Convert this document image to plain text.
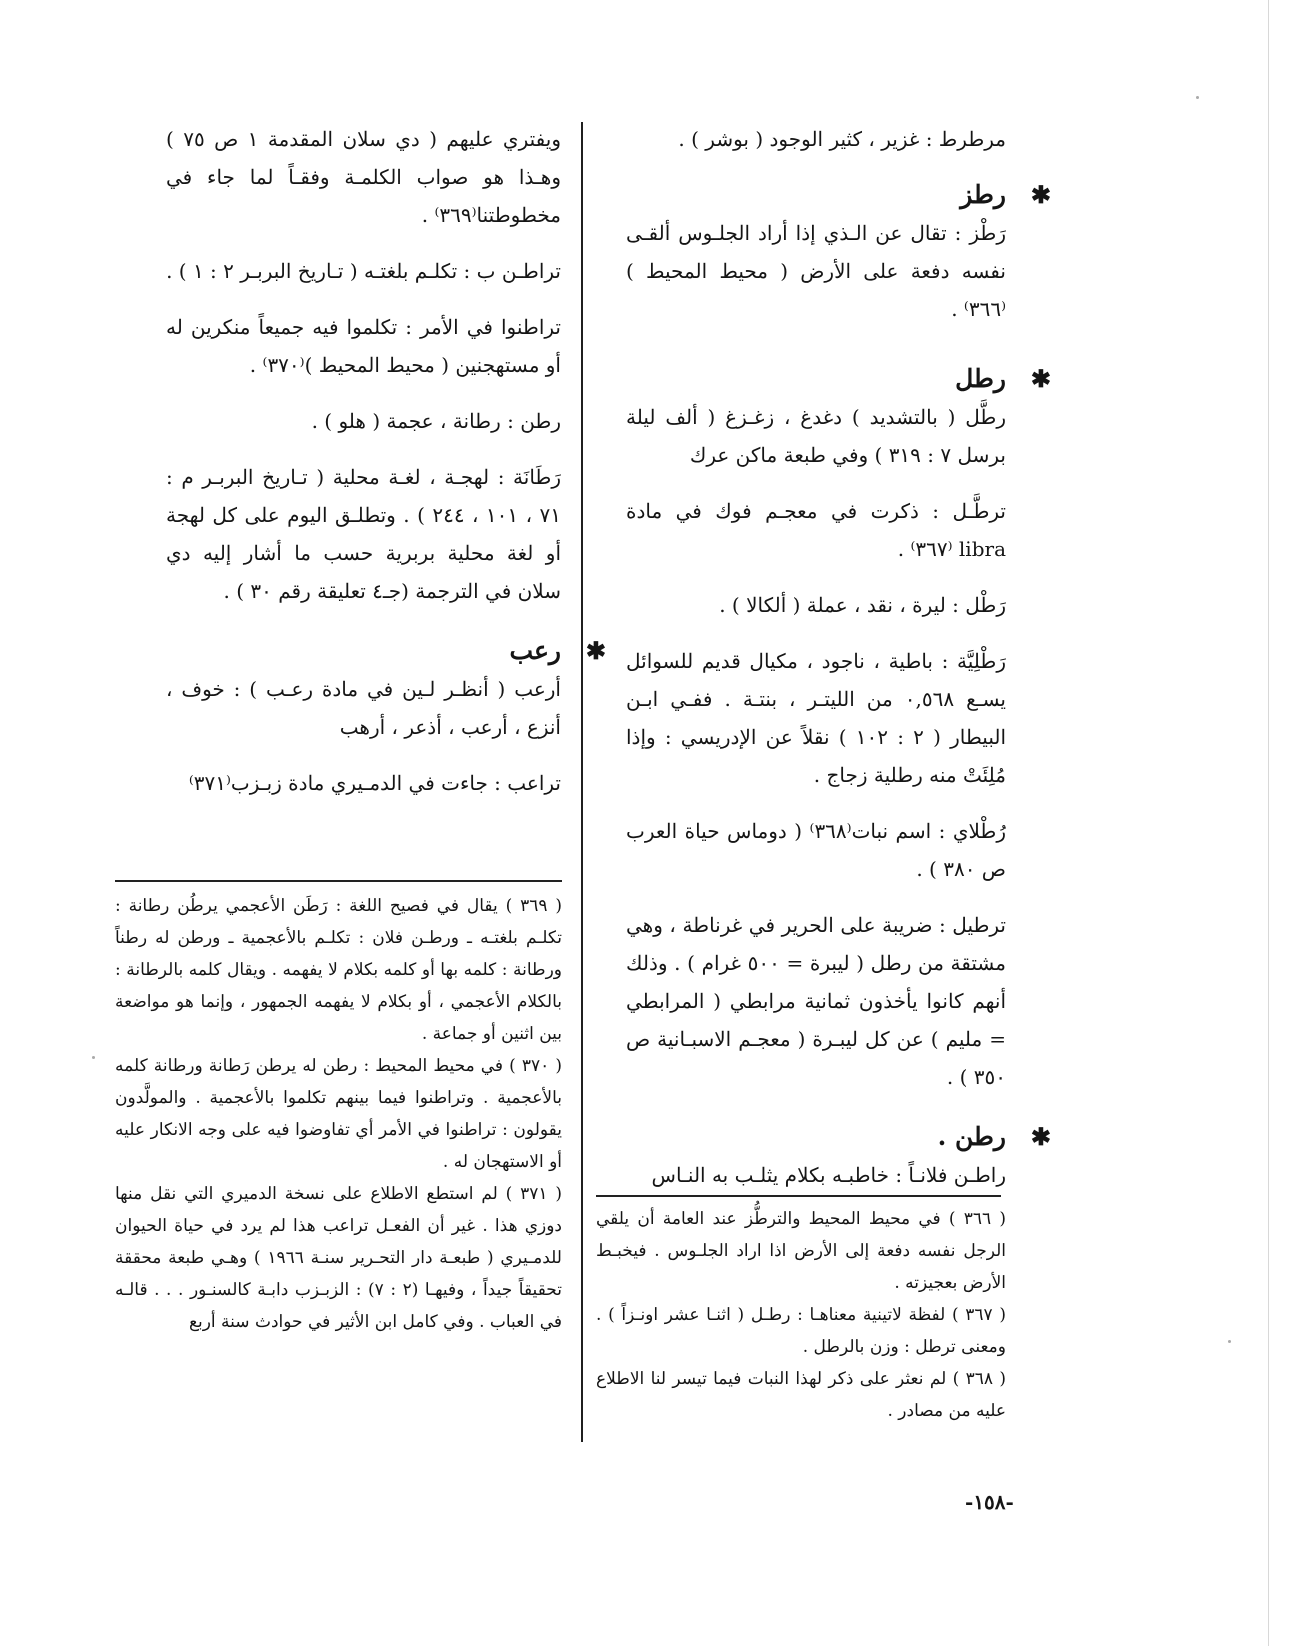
مرطرط : غزير ، كثير الوجود ( بوشر ) .

✱
رطز

رَطْز : تقال عن الـذي إذا أراد الجلـوس ألقـى نفسه دفعة على الأرض ( محيط المحيط )⁽٣٦٦⁾ .

✱
رطل

رطَّل ( بالتشديد ) دغدغ ، زغـزغ ( ألف ليلة برسل ٧ : ٣١٩ ) وفي طبعة ماكن عرك

ترطَّـل : ذكرت في معجـم فوك في مادة libra ⁽٣٦٧⁾ .

رَطْل : ليرة ، نقد ، عملة ( ألكالا ) .

رَطْلِيَّة : باطية ، ناجود ، مكيال قديم للسوائل يسـع ٠,٥٦٨ من الليتـر ، بنتـة . ففـي ابـن البيطار ( ٢ : ١٠٢ ) نقلاً عن الإدريسي : وإذا مُلِئَتْ منه رطلية زجاج .

رُطْلاي : اسم نبات⁽٣٦٨⁾ ( دوماس حياة العرب ص ٣٨٠ ) .

ترطيل : ضريبة على الحرير في غرناطة ، وهي مشتقة من رطل ( ليبرة = ٥٠٠ غرام ) . وذلك أنهم كانوا يأخذون ثمانية مرابطي ( المرابطي = مليم ) عن كل ليبـرة ( معجـم الاسبـانية ص ٣٥٠ ) .

✱
رطن .

راطـن فلانـاً : خاطبـه بكلام يثلـب به النـاس

ويفتري عليهم ( دي سلان المقدمة ١ ص ٧٥ ) وهـذا هو صواب الكلمـة وفقـاً لما جاء في مخطوطتنا⁽٣٦٩⁾ .

تراطـن ب : تكلـم بلغتـه ( تـاريخ البربـر ٢ : ١ ) .

تراطنوا في الأمر : تكلموا فيه جميعاً منكرين له أو مستهجنين ( محيط المحيط )⁽٣٧٠⁾ .

رطن : رطانة ، عجمة ( هلو ) .

رَطَانَة : لهجـة ، لغـة محلية ( تـاريخ البربـر م : ٧١ ، ١٠١ ، ٢٤٤ ) . وتطلـق اليوم على كل لهجة أو لغة محلية بربرية حسب ما أشار إليه دي سلان في الترجمة (جـ٤ تعليقة رقم ٣٠ ) .

✱
رعب

أرعب ( أنظـر لـين في مادة رعـب ) : خوف ، أنزع ، أرعب ، أذعر ، أرهب

تراعب : جاءت في الدمـيري مادة زبـزب⁽٣٧١⁾

( ٣٦٩ ) يقال في فصيح اللغة : رَطَن الأعجمي يرطُن رطانة : تكلـم بلغتـه ـ ورطـن فلان : تكلـم بالأعجمية ـ ورطن له رطناً ورطانة : كلمه بها أو كلمه بكلام لا يفهمه . ويقال كلمه بالرطانة : بالكلام الأعجمي ، أو بكلام لا يفهمه الجمهور ، وإنما هو مواضعة بين اثنين أو جماعة .

( ٣٧٠ ) في محيط المحيط : رطن له يرطن رَطانة ورطانة كلمه بالأعجمية . وتراطنوا فيما بينهم تكلموا بالأعجمية . والمولَّدون يقولون : تراطنوا في الأمر أي تفاوضوا فيه على وجه الانكار عليه أو الاستهجان له .

( ٣٧١ ) لم استطع الاطلاع على نسخة الدميري التي نقل منها دوزي هذا . غير أن الفعـل تراعب هذا لم يرد في حياة الحيوان للدمـيري ( طبعـة دار التحـرير سنـة ١٩٦٦ ) وهـي طبعة محققة تحقيقاً جيداً ، وفيهـا (٢ : ٧) : الزبـزب دابـة كالسنـور . . . قالـه في العباب . وفي كامل ابن الأثير في حوادث سنة أربع

( ٣٦٦ ) في محيط المحيط والترطُّز عند العامة أن يلقي الرجل نفسه دفعة إلى الأرض اذا اراد الجلـوس . فيخبـط الأرض بعجيزته .

( ٣٦٧ ) لفظة لاتينية معناهـا : رطـل ( اثنـا عشر اونـزاً ) . ومعنى ترطل : وزن بالرطل .

( ٣٦٨ ) لم نعثر على ذكر لهذا النبات فيما تيسر لنا الاطلاع عليه من مصادر .

-١٥٨-
